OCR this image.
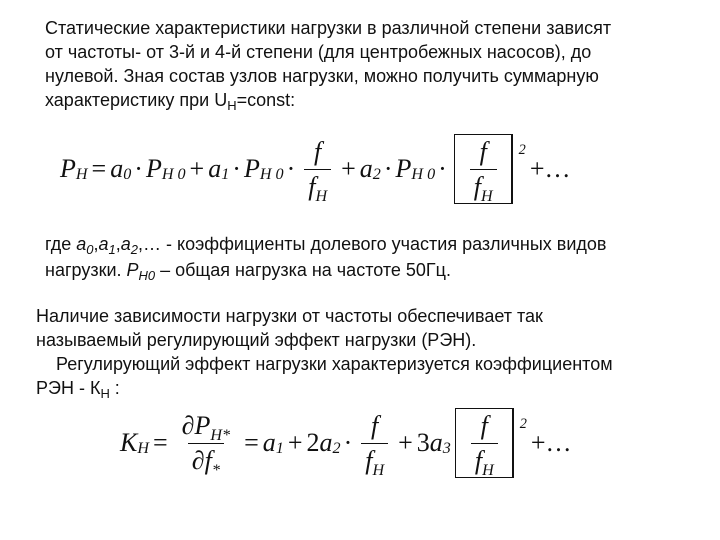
Статические характеристики нагрузки в различной степени зависят
от частоты- от 3-й и 4-й степени (для центробежных насосов), до
нулевой. Зная состав узлов нагрузки, можно получить суммарную
характеристику при $U_Н=const$:
P H = a 0 · P H 0 + a 1 · P H $0 \cdot \frac{f}{f_H} + a$ 2 · P H $0 \cdot \frac{f}{f_H} 2$
+…
где $a_0,a_1,a_2,\dots$ - коэффициенты долевого участия различных видов
нагрузки. $P_{H0}$ – общая нагрузка на частоте 50Гц.
Наличие зависимости нагрузки от частоты обеспечивает так
называемый регулирующий эффект нагрузки (РЭН).
Регулирующий эффект нагрузки характеризуется коэффициентом
РЭН - $К_Н$ :
K $H = \frac{\partial P_{H*}}{\partial f_*} = a$ 1 + 2 a $2 \cdot \frac{f}{f_H} + 3$ a $3 \frac{f}{f_H} 2$
+…
